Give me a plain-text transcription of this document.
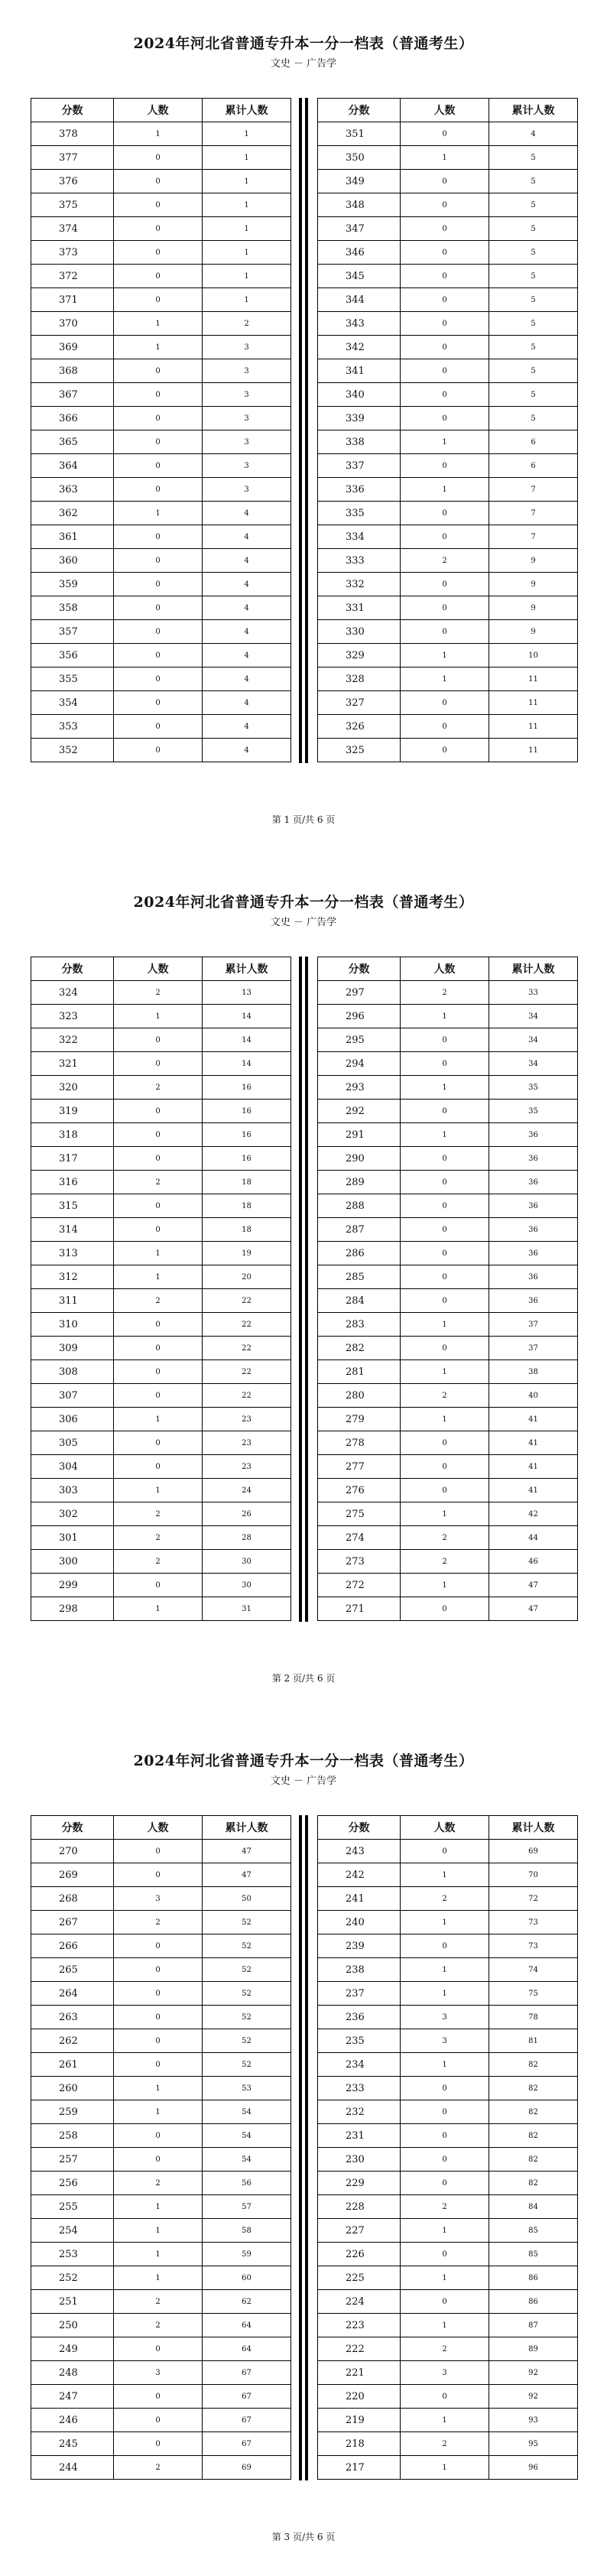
2024年河北省普通专升本一分一档表（普通考生）
文史 － 广告学
分数	人数	累计人数
378	1	1
377	0	1
376	0	1
375	0	1
374	0	1
373	0	1
372	0	1
371	0	1
370	1	2
369	1	3
368	0	3
367	0	3
366	0	3
365	0	3
364	0	3
363	0	3
362	1	4
361	0	4
360	0	4
359	0	4
358	0	4
357	0	4
356	0	4
355	0	4
354	0	4
353	0	4
352	0	4
分数	人数	累计人数
351	0	4
350	1	5
349	0	5
348	0	5
347	0	5
346	0	5
345	0	5
344	0	5
343	0	5
342	0	5
341	0	5
340	0	5
339	0	5
338	1	6
337	0	6
336	1	7
335	0	7
334	0	7
333	2	9
332	0	9
331	0	9
330	0	9
329	1	10
328	1	11
327	0	11
326	0	11
325	0	11
第 1 页/共 6 页
2024年河北省普通专升本一分一档表（普通考生）
文史 － 广告学
分数	人数	累计人数
324	2	13
323	1	14
322	0	14
321	0	14
320	2	16
319	0	16
318	0	16
317	0	16
316	2	18
315	0	18
314	0	18
313	1	19
312	1	20
311	2	22
310	0	22
309	0	22
308	0	22
307	0	22
306	1	23
305	0	23
304	0	23
303	1	24
302	2	26
301	2	28
300	2	30
299	0	30
298	1	31
分数	人数	累计人数
297	2	33
296	1	34
295	0	34
294	0	34
293	1	35
292	0	35
291	1	36
290	0	36
289	0	36
288	0	36
287	0	36
286	0	36
285	0	36
284	0	36
283	1	37
282	0	37
281	1	38
280	2	40
279	1	41
278	0	41
277	0	41
276	0	41
275	1	42
274	2	44
273	2	46
272	1	47
271	0	47
第 2 页/共 6 页
2024年河北省普通专升本一分一档表（普通考生）
文史 － 广告学
分数	人数	累计人数
270	0	47
269	0	47
268	3	50
267	2	52
266	0	52
265	0	52
264	0	52
263	0	52
262	0	52
261	0	52
260	1	53
259	1	54
258	0	54
257	0	54
256	2	56
255	1	57
254	1	58
253	1	59
252	1	60
251	2	62
250	2	64
249	0	64
248	3	67
247	0	67
246	0	67
245	0	67
244	2	69
分数	人数	累计人数
243	0	69
242	1	70
241	2	72
240	1	73
239	0	73
238	1	74
237	1	75
236	3	78
235	3	81
234	1	82
233	0	82
232	0	82
231	0	82
230	0	82
229	0	82
228	2	84
227	1	85
226	0	85
225	1	86
224	0	86
223	1	87
222	2	89
221	3	92
220	0	92
219	1	93
218	2	95
217	1	96
第 3 页/共 6 页
